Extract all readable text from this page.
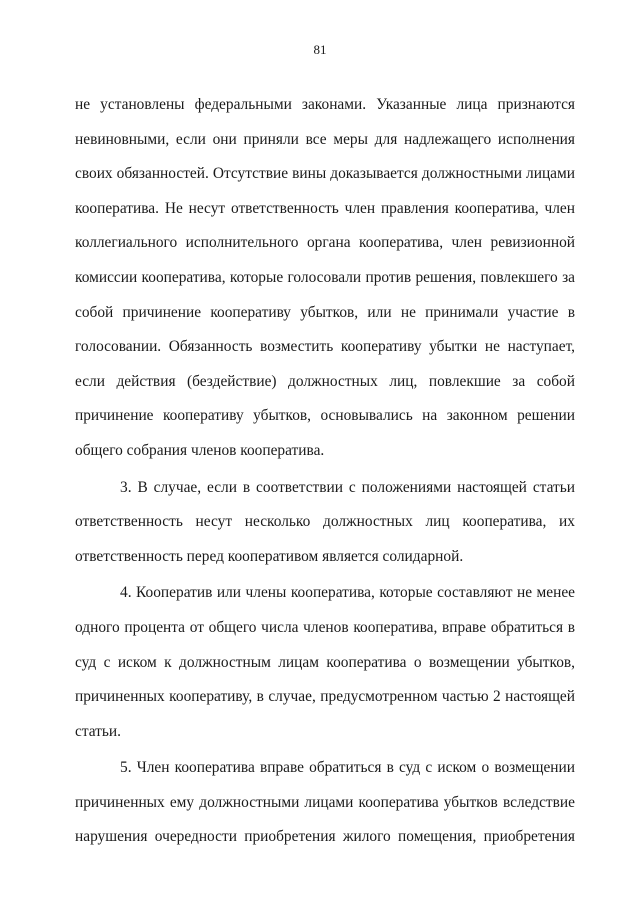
81
не установлены федеральными законами. Указанные лица признаются
невиновными, если они приняли все меры для надлежащего исполнения
своих обязанностей. Отсутствие вины доказывается должностными лицами
кооператива. Не несут ответственность член правления кооператива, член
коллегиального исполнительного органа кооператива, член ревизионной
комиссии кооператива, которые голосовали против решения, повлекшего за
собой причинение кооперативу убытков, или не принимали участие в
голосовании. Обязанность возместить кооперативу убытки не наступает,
если действия (бездействие) должностных лиц, повлекшие за собой
причинение кооперативу убытков, основывались на законном решении
общего собрания членов кооператива.
3. В случае, если в соответствии с положениями настоящей статьи
ответственность несут несколько должностных лиц кооператива, их
ответственность перед кооперативом является солидарной.
4. Кооператив или члены кооператива, которые составляют не менее
одного процента от общего числа членов кооператива, вправе обратиться в
суд с иском к должностным лицам кооператива о возмещении убытков,
причиненных кооперативу, в случае, предусмотренном частью 2 настоящей
статьи.
5. Член кооператива вправе обратиться в суд с иском о возмещении
причиненных ему должностными лицами кооператива убытков вследствие
нарушения очередности приобретения жилого помещения, приобретения
